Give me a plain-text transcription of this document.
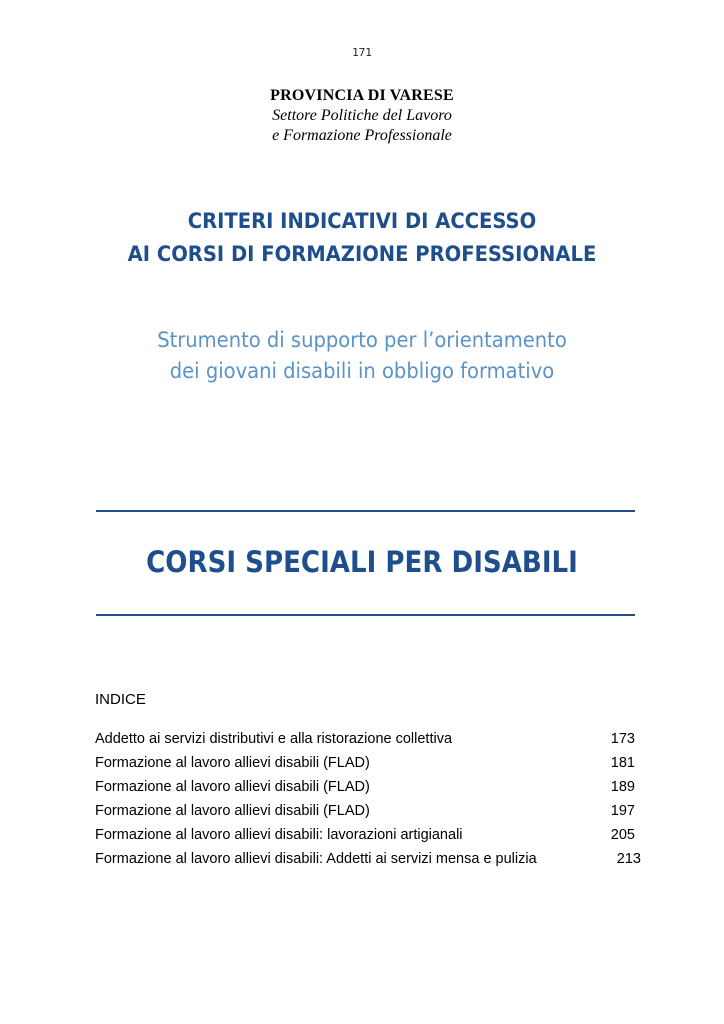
171
PROVINCIA DI VARESE
Settore Politiche del Lavoro
e Formazione Professionale
CRITERI INDICATIVI DI ACCESSO
AI CORSI DI FORMAZIONE PROFESSIONALE
Strumento di supporto per l’orientamento
dei giovani disabili in obbligo formativo
CORSI SPECIALI PER DISABILI
INDICE
Addetto ai servizi distributivi e alla ristorazione collettiva	173
Formazione al lavoro allievi disabili (FLAD)	181
Formazione al lavoro allievi disabili (FLAD)	189
Formazione al lavoro allievi disabili (FLAD)	197
Formazione al lavoro allievi disabili: lavorazioni artigianali	205
Formazione al lavoro allievi disabili: Addetti ai servizi mensa e pulizia	213
